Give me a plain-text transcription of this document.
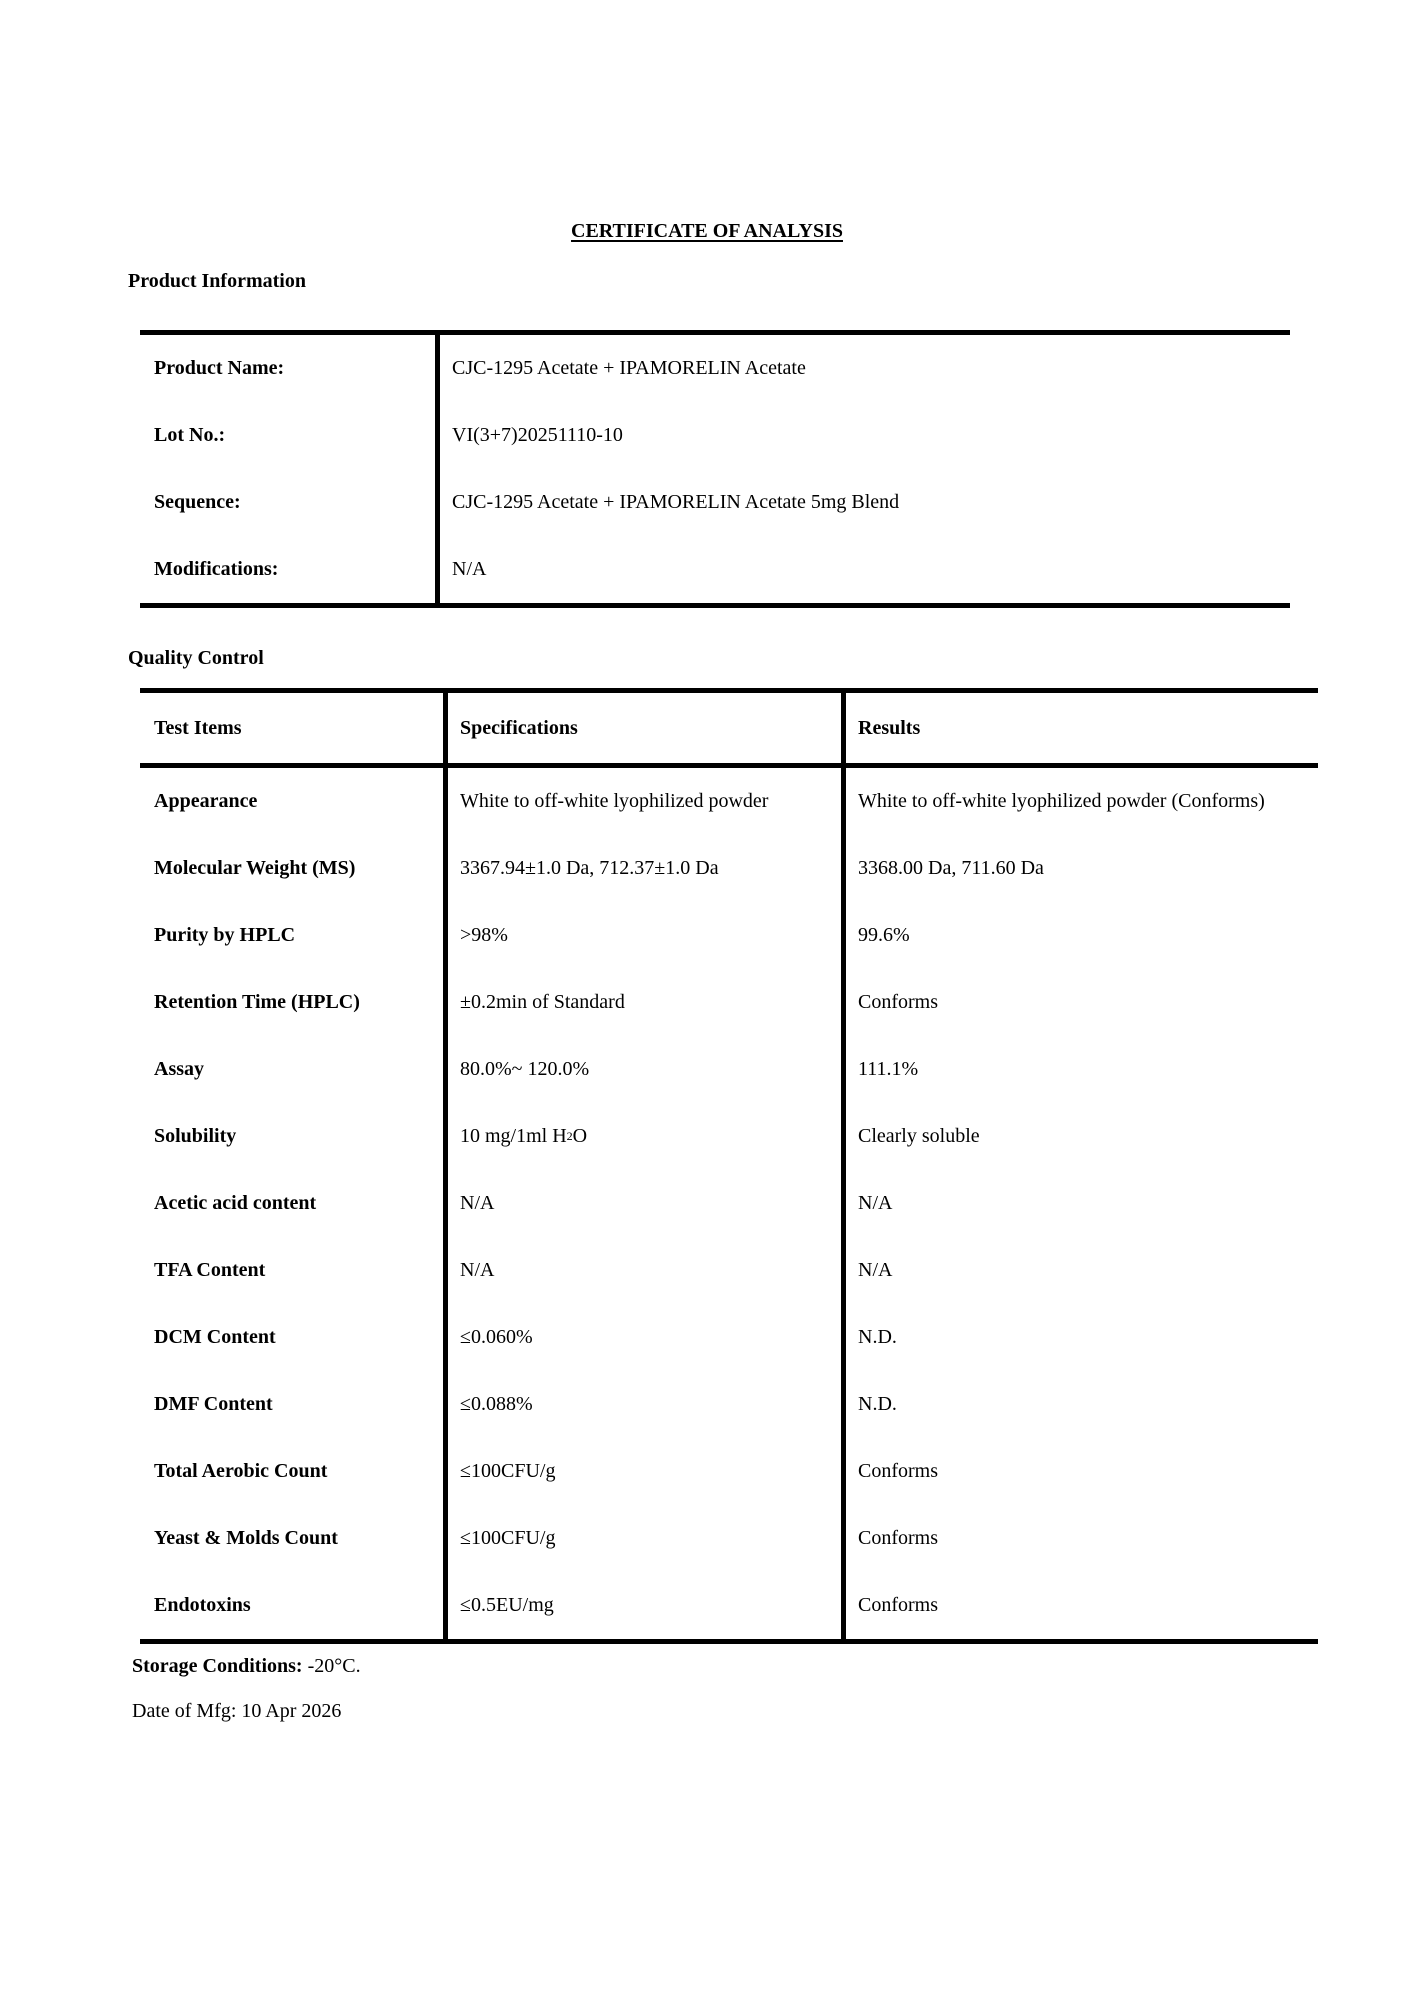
CERTIFICATE OF ANALYSIS
Product Information
Product Name:	CJC-1295 Acetate + IPAMORELIN Acetate
Lot No.:	VI(3+7)20251110-10
Sequence:	CJC-1295 Acetate + IPAMORELIN Acetate 5mg Blend
Modifications:	N/A
Quality Control
Test Items	Specifications	Results
Appearance	White to off-white lyophilized powder	White to off-white lyophilized powder (Conforms)
Molecular Weight (MS)	3367.94±1.0 Da, 712.37±1.0 Da	3368.00 Da, 711.60 Da
Purity by HPLC	>98%	99.6%
Retention Time (HPLC)	±0.2min of Standard	Conforms
Assay	80.0%~ 120.0%	111.1%
Solubility	10 mg/1ml H 2 O	Clearly soluble
Acetic acid content	N/A	N/A
TFA Content	N/A	N/A
DCM Content	≤0.060%	N.D.
DMF Content	≤0.088%	N.D.
Total Aerobic Count	≤100CFU/g	Conforms
Yeast & Molds Count	≤100CFU/g	Conforms
Endotoxins	≤0.5EU/mg	Conforms
Storage Conditions: -20°C.
Date of Mfg: 10 Apr 2026
